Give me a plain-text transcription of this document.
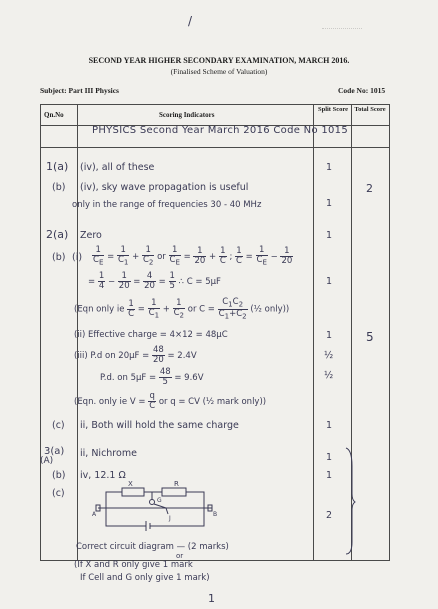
/
SECOND YEAR HIGHER SECONDARY EXAMINATION, MARCH 2016.
(Finalised Scheme of Valuation)
Subject: Part III Physics	Code No: 1015
Qn.No	Scoring Indicators
Split Score Total Score
PHYSICS Second Year March 2016 Code No 1015
1(a) (iv), all of these	1
(b) (iv), sky wave propagation is useful
only in the range of frequencies 30 - 40 MHz	1
2
2(a) Zero	1
(b) $(i) \frac{1}{C_E} = \frac{1}{C_1} + \frac{1}{C_2}$ or $\frac{1}{C_E} = \frac{1}{20} + \frac{1}{C}$ ; $\frac{1}{C} = \frac{1}{C_E} - \frac{1}{20}$
= $\frac{1}{4} - \frac{1}{20} = \frac{4}{20} = \frac{1}{5}$ ∴ C = 5μF	1
(Eqn only ie $\frac{1}{C} = \frac{1}{C_1} + \frac{1}{C_2}$ or $C = \frac{C_1C_2}{C_1+C_2}$ (½ only))
(ii) Effective charge = 4×12 = 48μC	1
(iii) P.d on $20\mu F = \frac{48}{20} = 2.4V$	½
P.d. on $5\mu F = \frac{48}{5} = 9.6V$	½
(Eqn. only ie $V = \frac{q}{C}$ or q = CV (½ mark only))
(c) ii, Both will hold the same charge	1
5
3(a)
(A)
ii, Nichrome	1
(b) iv, 12.1 Ω	1
(c)
2
X	R
G
A	B
J
Correct circuit diagram — (2 marks)
or
(If X and R only give 1 mark
If Cell and G only give 1 mark)
1
